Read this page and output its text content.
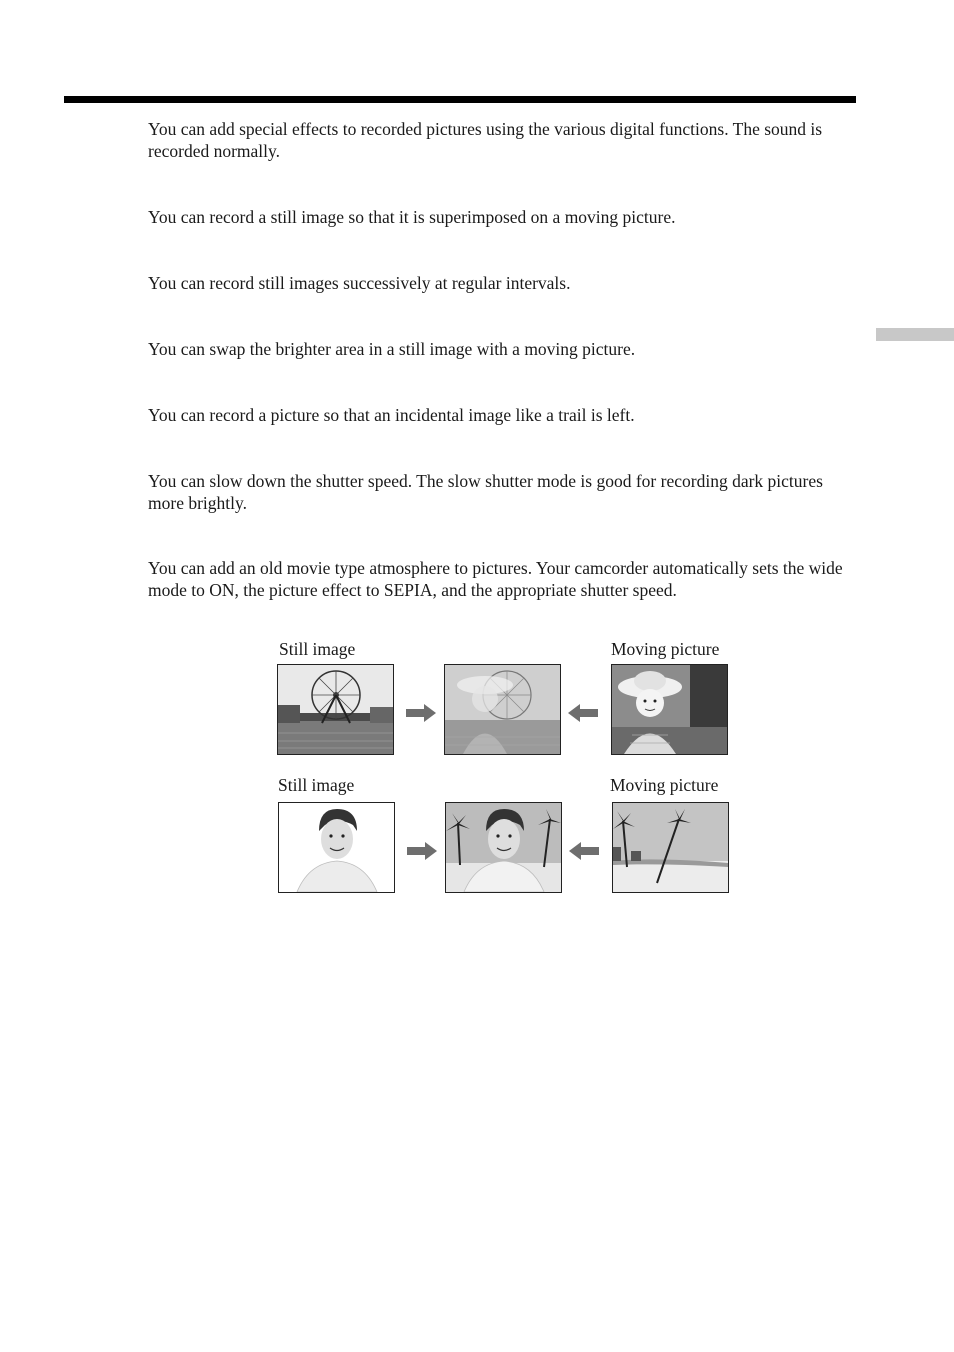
You can add special effects to recorded pictures using the various digital functions. The sound is recorded normally.

You can record a still image so that it is superimposed on a moving picture.

You can record still images successively at regular intervals.

You can swap the brighter area in a still image with a moving picture.

You can record a picture so that an incidental image like a trail is left.

You can slow down the shutter speed. The slow shutter mode is good for recording dark pictures more brightly.

You can add an old movie type atmosphere to pictures. Your camcorder automatically sets the wide mode to ON, the picture effect to SEPIA, and the appropriate shutter speed.

Still image	Moving picture
Still image	Moving picture
